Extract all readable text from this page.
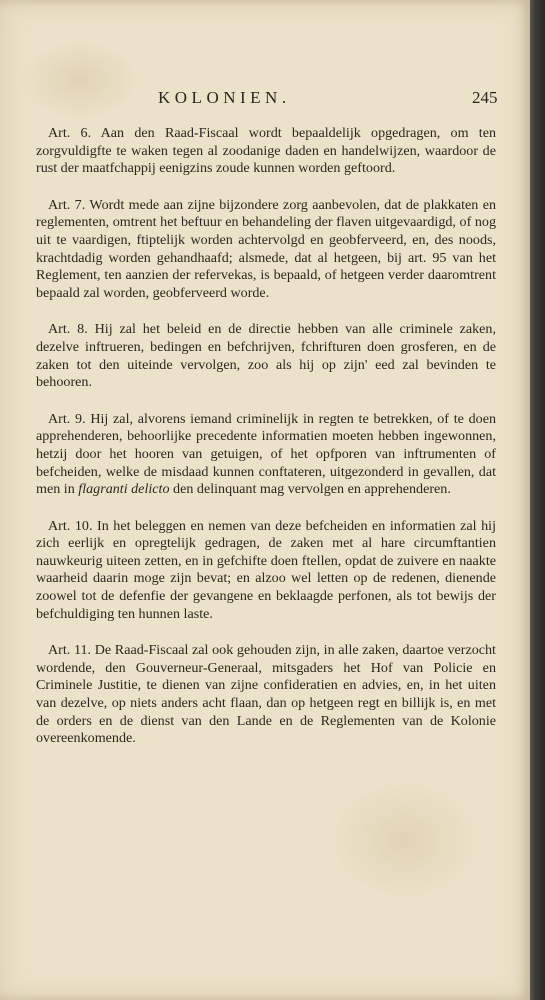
KOLONIEN.	245

Art. 6. Aan den Raad-Fiscaal wordt bepaaldelijk opgedragen, om ten zorgvuldigfte te waken tegen al zoodanige daden en handelwijzen, waardoor de rust der maatfchappij eenigzins zoude kunnen worden geftoord.

Art. 7. Wordt mede aan zijne bijzondere zorg aanbevolen, dat de plakkaten en reglementen, omtrent het beftuur en behandeling der flaven uitgevaardigd, of nog uit te vaardigen, ftiptelijk worden achtervolgd en geobferveerd, en, des noods, krachtdadig worden gehandhaafd; alsmede, dat al hetgeen, bij art. 95 van het Reglement, ten aanzien der refervekas, is bepaald, of hetgeen verder daaromtrent bepaald zal worden, geobferveerd worde.

Art. 8. Hij zal het beleid en de directie hebben van alle criminele zaken, dezelve inftrueren, bedingen en befchrijven, fchrifturen doen grosferen, en de zaken tot den uiteinde vervolgen, zoo als hij op zijn' eed zal bevinden te behooren.

Art. 9. Hij zal, alvorens iemand criminelijk in regten te betrekken, of te doen apprehenderen, behoorlijke precedente informatien moeten hebben ingewonnen, hetzij door het hooren van getuigen, of het opfporen van inftrumenten of befcheiden, welke de misdaad kunnen conftateren, uitgezonderd in gevallen, dat men in flagranti delicto den delinquant mag vervolgen en apprehenderen.

Art. 10. In het beleggen en nemen van deze befcheiden en informatien zal hij zich eerlijk en opregtelijk gedragen, de zaken met al hare circumftantien nauwkeurig uiteen zetten, en in gefchifte doen ftellen, opdat de zuivere en naakte waarheid daarin moge zijn bevat; en alzoo wel letten op de redenen, dienende zoowel tot de defenfie der gevangene en beklaagde perfonen, als tot bewijs der befchuldiging ten hunnen laste.

Art. 11. De Raad-Fiscaal zal ook gehouden zijn, in alle zaken, daartoe verzocht wordende, den Gouverneur-Generaal, mitsgaders het Hof van Policie en Criminele Justitie, te dienen van zijne confideratien en advies, en, in het uiten van dezelve, op niets anders acht flaan, dan op hetgeen regt en billijk is, en met de orders en de dienst van den Lande en de Reglementen van de Kolonie overeenkomende.
